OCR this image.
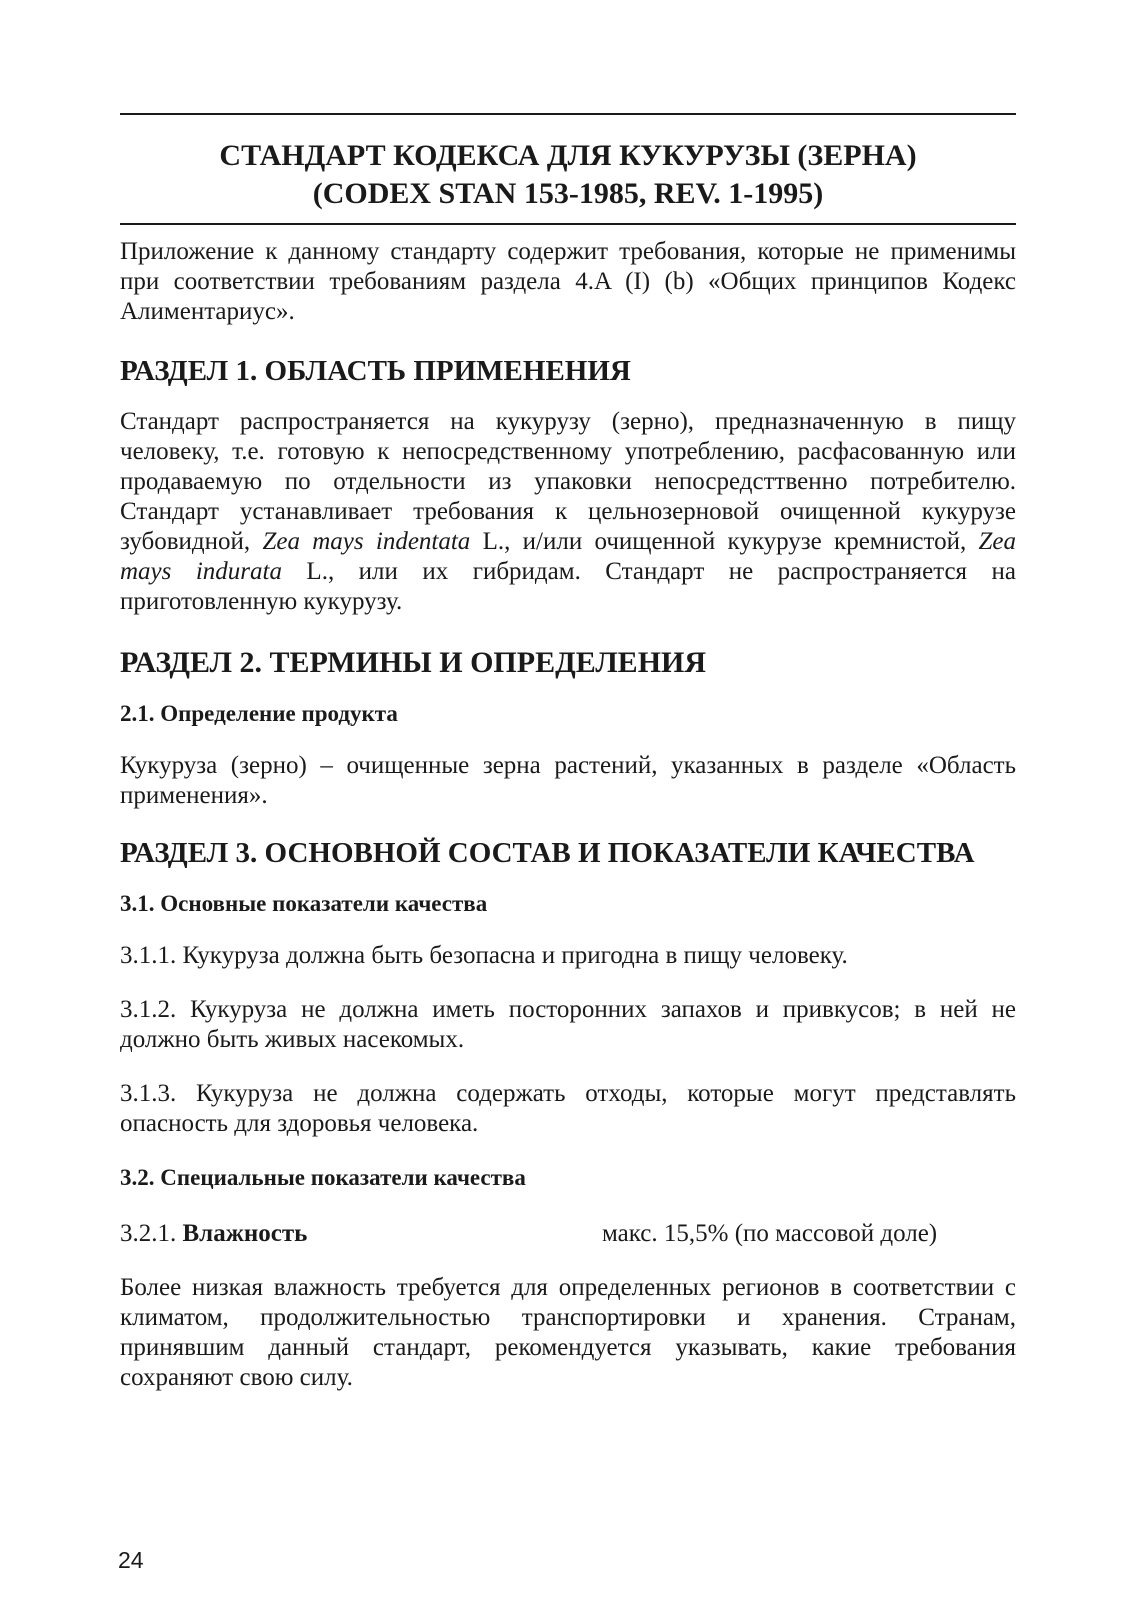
СТАНДАРТ КОДЕКСА ДЛЯ КУКУРУЗЫ (ЗЕРНА)
(CODEX STAN 153-1985, REV. 1-1995)

Приложение к данному стандарту содержит требования, которые не применимы при соответствии требованиям раздела 4.A (I) (b) «Общих принципов Кодекс Алиментариус».

РАЗДЕЛ 1. ОБЛАСТЬ ПРИМЕНЕНИЯ

Стандарт распространяется на кукурузу (зерно), предназначенную в пищу человеку, т.е. готовую к непосредственному употреблению, расфасованную или продаваемую по отдельности из упаковки непосредсттвенно потребителю. Стандарт устанавливает требования к цельнозерновой очищенной кукурузе зубовидной, Zea mays indentata L., и/или очищенной кукурузе кремнистой, Zea mays indurata L., или их гибридам. Стандарт не распространяется на приготовленную кукурузу.

РАЗДЕЛ 2. ТЕРМИНЫ И ОПРЕДЕЛЕНИЯ
2.1. Определение продукта

Кукуруза (зерно) – очищенные зерна растений, указанных в разделе «Область применения».

РАЗДЕЛ 3. ОСНОВНОЙ СОСТАВ И ПОКАЗАТЕЛИ КАЧЕСТВА
3.1. Основные показатели качества

3.1.1. Кукуруза должна быть безопасна и пригодна в пищу человеку.

3.1.2. Кукуруза не должна иметь посторонних запахов и привкусов; в ней не должно быть живых насекомых.

3.1.3. Кукуруза не должна содержать отходы, которые могут представлять опасность для здоровья человека.

3.2. Специальные показатели качества
3.2.1. Влажность	макс. 15,5% (по массовой доле)

Более низкая влажность требуется для определенных регионов в соответствии с климатом, продолжительностью транспортировки и хранения. Странам, принявшим данный стандарт, рекомендуется указывать, какие требования сохраняют свою силу.

24
